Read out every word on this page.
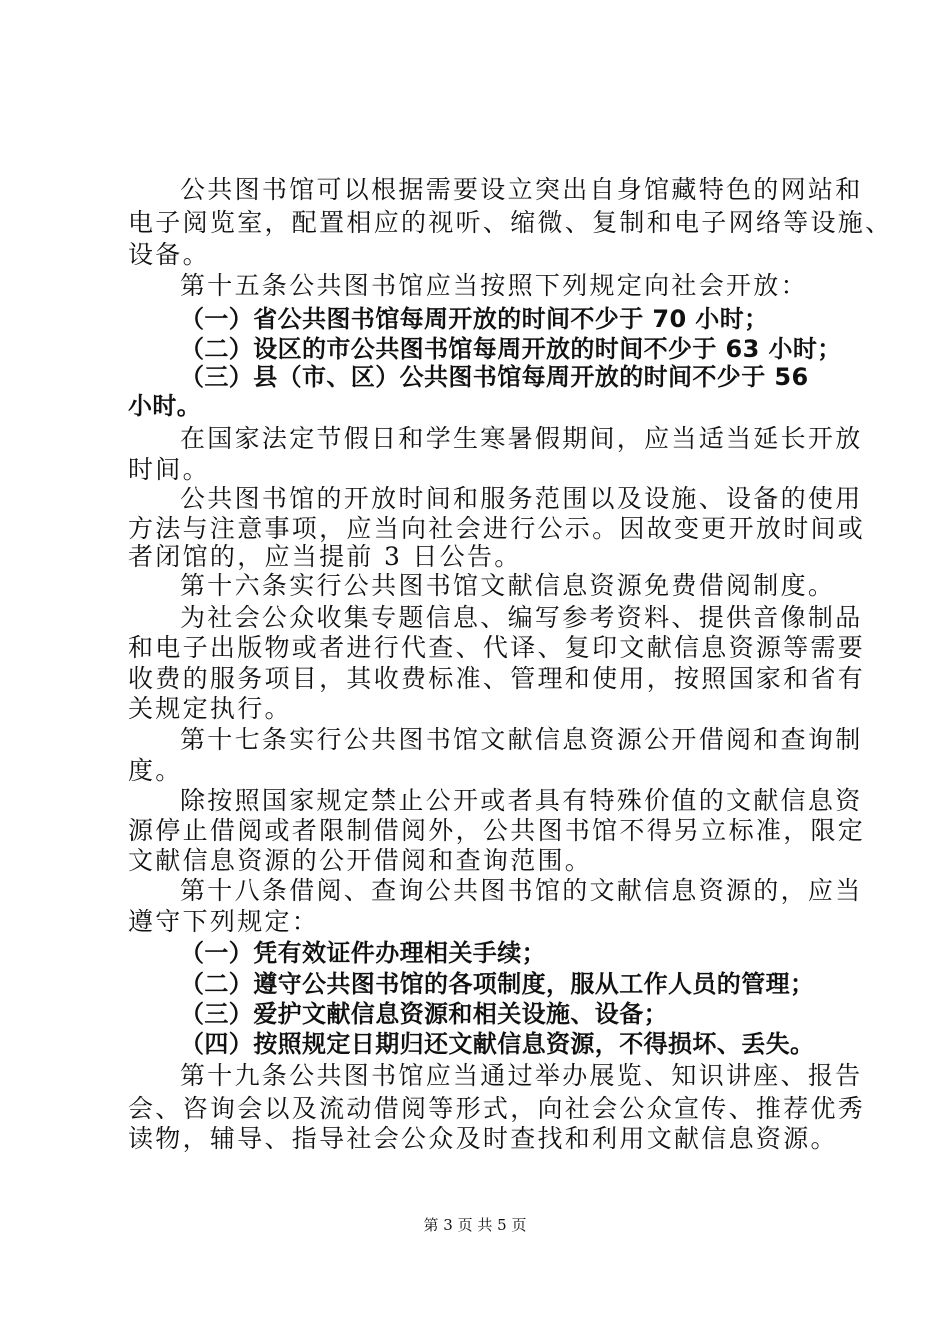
公共图书馆可以根据需要设立突出自身馆藏特色的网站和
电子阅览室，配置相应的视听、缩微、复制和电子网络等设施、
设备。
第十五条公共图书馆应当按照下列规定向社会开放：
（一）省公共图书馆每周开放的时间不少于 70 小时；
（二）设区的市公共图书馆每周开放的时间不少于 63 小时；
（三）县（市、区）公共图书馆每周开放的时间不少于 56
小时。
在国家法定节假日和学生寒暑假期间，应当适当延长开放
时间。
公共图书馆的开放时间和服务范围以及设施、设备的使用
方法与注意事项，应当向社会进行公示。因故变更开放时间或
者闭馆的，应当提前 3 日公告。
第十六条实行公共图书馆文献信息资源免费借阅制度。
为社会公众收集专题信息、编写参考资料、提供音像制品
和电子出版物或者进行代查、代译、复印文献信息资源等需要
收费的服务项目，其收费标准、管理和使用，按照国家和省有
关规定执行。
第十七条实行公共图书馆文献信息资源公开借阅和查询制
度。
除按照国家规定禁止公开或者具有特殊价值的文献信息资
源停止借阅或者限制借阅外，公共图书馆不得另立标准，限定
文献信息资源的公开借阅和查询范围。
第十八条借阅、查询公共图书馆的文献信息资源的，应当
遵守下列规定：
（一）凭有效证件办理相关手续；
（二）遵守公共图书馆的各项制度，服从工作人员的管理；
（三）爱护文献信息资源和相关设施、设备；
（四）按照规定日期归还文献信息资源，不得损坏、丢失。
第十九条公共图书馆应当通过举办展览、知识讲座、报告
会、咨询会以及流动借阅等形式，向社会公众宣传、推荐优秀
读物，辅导、指导社会公众及时查找和利用文献信息资源。
第 3 页 共 5 页
